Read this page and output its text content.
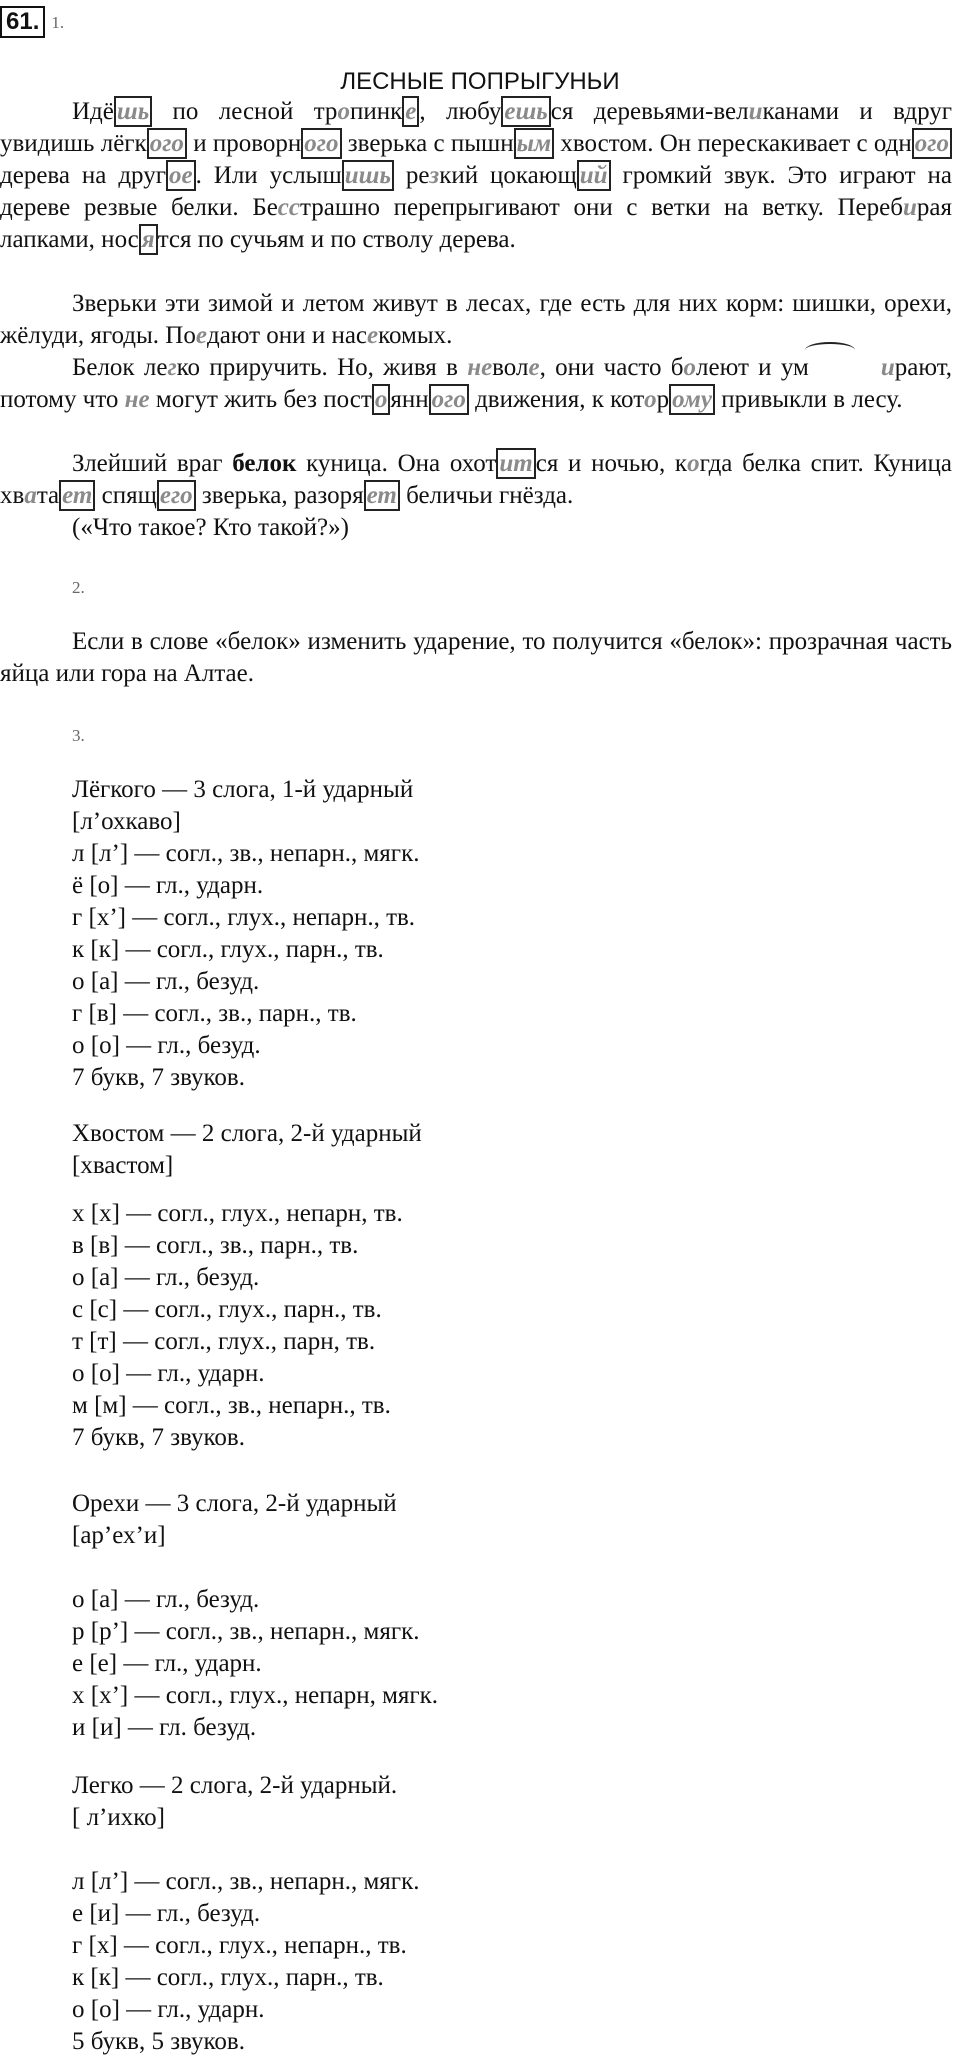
61. 1.
ЛЕСНЫЕ ПОПРЫГУНЬИ

Идё шь по лесной тропинк е , любу ешь ся деревьями-великанами и вдруг увидишь лёгк ого и проворн ого зверька с пышн ым хвостом. Он перескакивает с одн ого дерева на друг ое . Или услыш ишь резкий цокающ ий громкий звук. Это играют на дереве резвые белки. Бесстрашно перепрыгивают они с ветки на ветку. Перебирая лапками, нос я тся по сучьям и по стволу дерева.

Зверьки эти зимой и летом живут в лесах, где есть для них корм: шишки, орехи, жёлуди, ягоды. Поедают они и насекомых.

Белок легко приручить. Но, живя в неволе, они часто болеют и ум	ирают, потому что не могут жить без пост о янн ого движения, к котор ому привыкли в лесу.

Злейший враг белок куница. Она охот ит ся и ночью, когда белка спит. Куница хвата ет спящ его зверька, разоря ет беличьи гнёзда.

(«Что такое? Кто такой?»)
2.

Если в слове «белок» изменить ударение, то получится «белок»: прозрачная часть яйца или гора на Алтае.

3.
Лёгкого — 3 слога, 1-й ударный
[л’охкаво]
л [л’] — согл., зв., непарн., мягк.
ё [о] — гл., ударн.
г [х’] — согл., глух., непарн., тв.
к [к] — согл., глух., парн., тв.
о [а] — гл., безуд.
г [в] — согл., зв., парн., тв.
о [о] — гл., безуд.
7 букв, 7 звуков.
Хвостом — 2 слога, 2-й ударный
[хвастом]
х [х] — согл., глух., непарн, тв.
в [в] — согл., зв., парн., тв.
о [а] — гл., безуд.
с [с] — согл., глух., парн., тв.
т [т] — согл., глух., парн, тв.
о [о] — гл., ударн.
м [м] — согл., зв., непарн., тв.
7 букв, 7 звуков.
Орехи — 3 слога, 2-й ударный
[ар’ех’и]
о [а] — гл., безуд.
р [р’] — согл., зв., непарн., мягк.
е [е] — гл., ударн.
х [х’] — согл., глух., непарн, мягк.
и [и] — гл. безуд.
Легко — 2 слога, 2-й ударный.
[ л’ихко]
л [л’] — согл., зв., непарн., мягк.
е [и] — гл., безуд.
г [х] — согл., глух., непарн., тв.
к [к] — согл., глух., парн., тв.
о [о] — гл., ударн.
5 букв, 5 звуков.
